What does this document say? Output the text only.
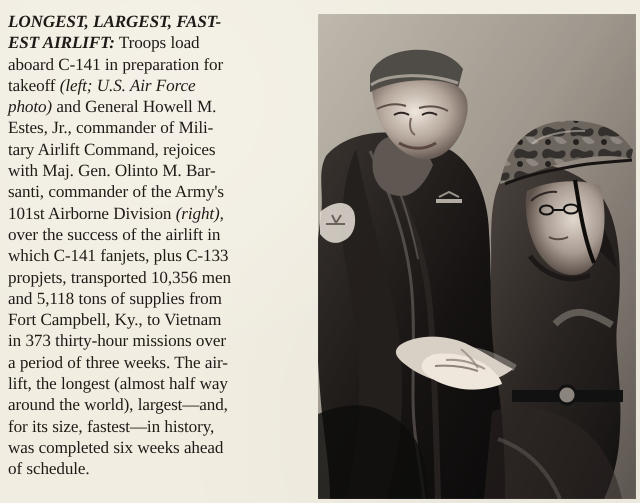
LONGEST, LARGEST, FAST-
EST AIRLIFT: Troops load
aboard C-141 in preparation for
takeoff (left; U.S. Air Force
photo) and General Howell M.
Estes, Jr., commander of Mili-
tary Airlift Command, rejoices
with Maj. Gen. Olinto M. Bar-
santi, commander of the Army's
101st Airborne Division (right),
over the success of the airlift in
which C-141 fanjets, plus C-133
propjets, transported 10,356 men
and 5,118 tons of supplies from
Fort Campbell, Ky., to Vietnam
in 373 thirty-hour missions over
a period of three weeks. The air-
lift, the longest (almost half way
around the world), largest—and,
for its size, fastest—in history,
was completed six weeks ahead
of schedule.
